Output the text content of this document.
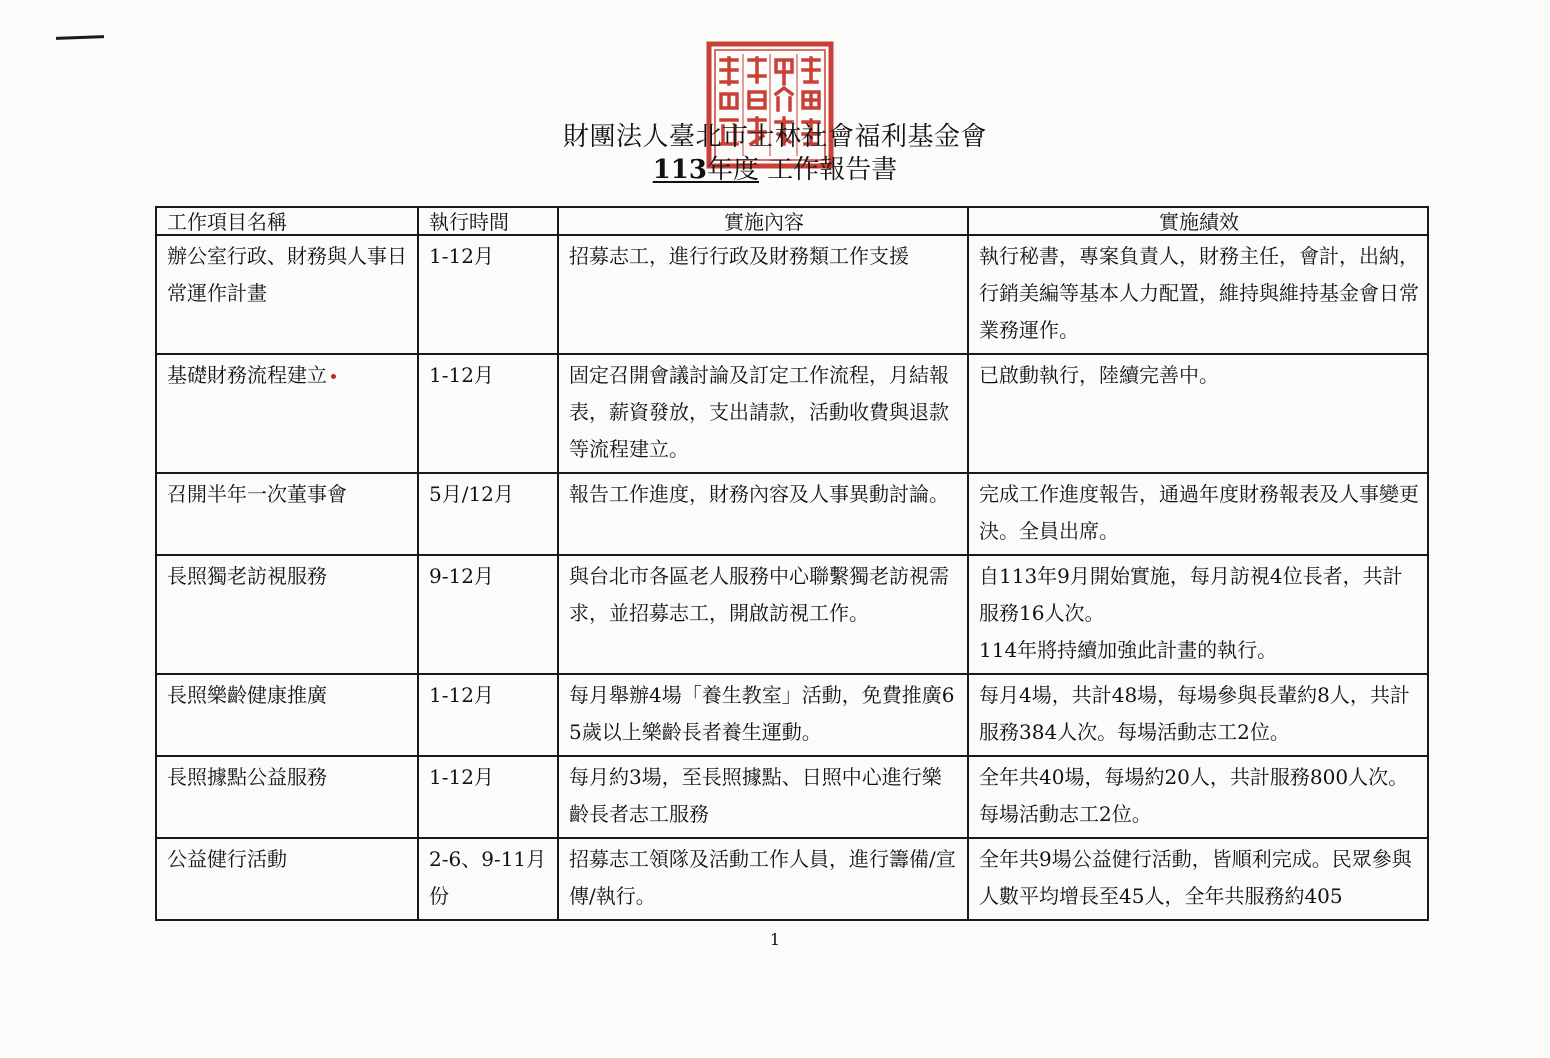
財團法人臺北市士林社會福利基金會
113年度 工作報告書
工作項目名稱	執行時間	實施內容	實施績效
辦公室行政、財務與人事日常運作計畫	1-12月	招募志工，進行行政及財務類工作支援	執行秘書，專案負責人，財務主任，會計，出納，行銷美編等基本人力配置，維持與維持基金會日常業務運作。
基礎財務流程建立	1-12月	固定召開會議討論及訂定工作流程，月結報表，薪資發放，支出請款，活動收費與退款等流程建立。	已啟動執行，陸續完善中。
召開半年一次董事會	5月/12月	報告工作進度，財務內容及人事異動討論。	完成工作進度報告，通過年度財務報表及人事變更決。全員出席。
長照獨老訪視服務	9-12月	與台北市各區老人服務中心聯繫獨老訪視需求，並招募志工，開啟訪視工作。	自113年9月開始實施，每月訪視4位長者，共計服務16人次。
114年將持續加強此計畫的執行。

長照樂齡健康推廣	1-12月	每月舉辦4場「養生教室」活動，免費推廣65歲以上樂齡長者養生運動。	每月4場，共計48場，每場參與長輩約8人，共計服務384人次。每場活動志工2位。
長照據點公益服務	1-12月	每月約3場，至長照據點、日照中心進行樂齡長者志工服務	全年共40場，每場約20人，共計服務800人次。每場活動志工2位。
公益健行活動	2-6、9-11月份	招募志工領隊及活動工作人員，進行籌備/宣傳/執行。	全年共9場公益健行活動，皆順利完成。民眾參與人數平均增長至45人，全年共服務約405
1
